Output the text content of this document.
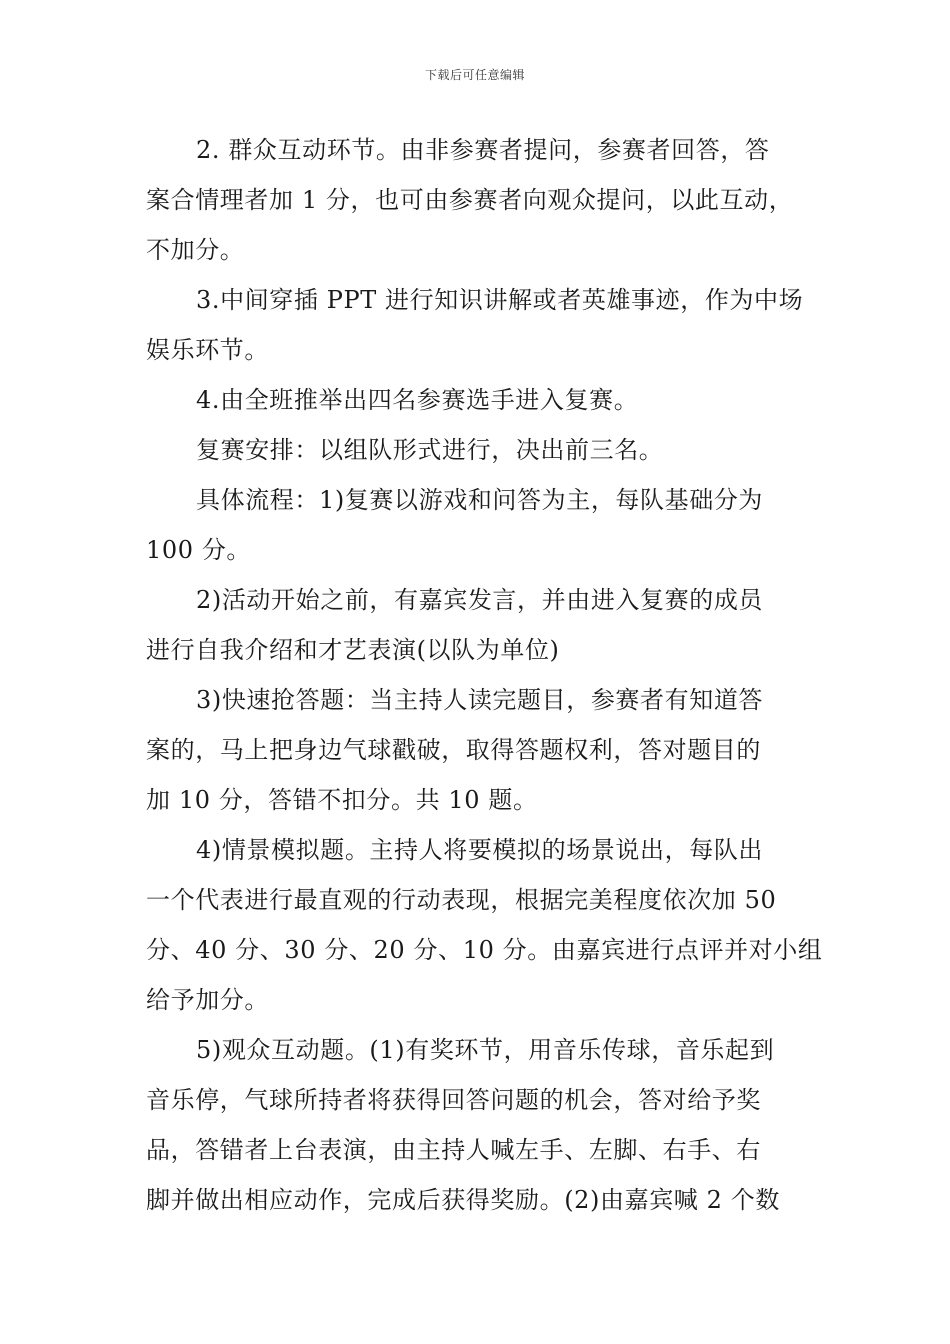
下载后可任意编辑
2. 群众互动环节。由非参赛者提问，参赛者回答，答
案合情理者加 1 分，也可由参赛者向观众提问，以此互动，
不加分。
3.中间穿插 PPT 进行知识讲解或者英雄事迹，作为中场
娱乐环节。
4.由全班推举出四名参赛选手进入复赛。
复赛安排：以组队形式进行，决出前三名。
具体流程：1)复赛以游戏和问答为主，每队基础分为
100 分。
2)活动开始之前，有嘉宾发言，并由进入复赛的成员
进行自我介绍和才艺表演(以队为单位)
3)快速抢答题：当主持人读完题目，参赛者有知道答
案的，马上把身边气球戳破，取得答题权利，答对题目的
加 10 分，答错不扣分。共 10 题。
4)情景模拟题。主持人将要模拟的场景说出，每队出
一个代表进行最直观的行动表现，根据完美程度依次加 50
分、40 分、30 分、20 分、10 分。由嘉宾进行点评并对小组
给予加分。
5)观众互动题。(1)有奖环节，用音乐传球，音乐起到
音乐停，气球所持者将获得回答问题的机会，答对给予奖
品，答错者上台表演，由主持人喊左手、左脚、右手、右
脚并做出相应动作，完成后获得奖励。(2)由嘉宾喊 2 个数
